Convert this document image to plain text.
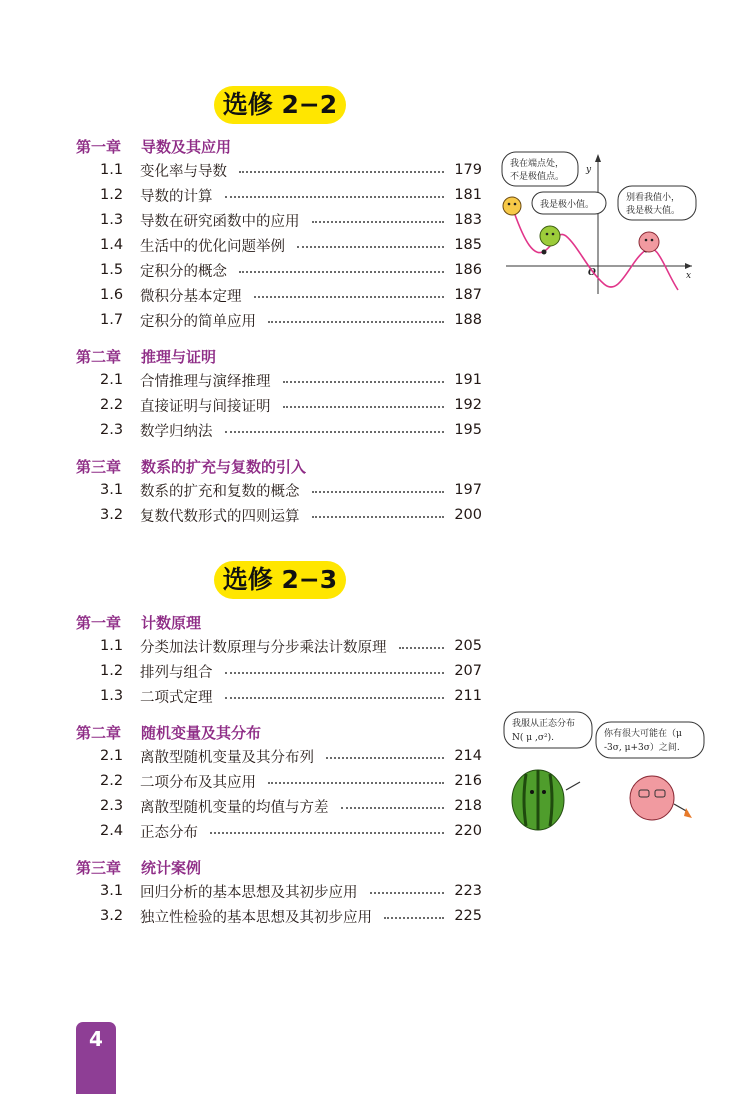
选修 2−2
第一章 导数及其应用
1.1	变化率与导数	179
1.2	导数的计算	181
1.3	导数在研究函数中的应用	183
1.4	生活中的优化问题举例	185
1.5	定积分的概念	186
1.6	微积分基本定理	187
1.7	定积分的简单应用	188
第二章 推理与证明
2.1	合情推理与演绎推理	191
2.2	直接证明与间接证明	192
2.3	数学归纳法	195
第三章 数系的扩充与复数的引入
3.1	数系的扩充和复数的概念	197
3.2	复数代数形式的四则运算	200
选修 2−3
第一章 计数原理
1.1	分类加法计数原理与分步乘法计数原理	205
1.2	排列与组合	207
1.3	二项式定理	211
第二章 随机变量及其分布
2.1	离散型随机变量及其分布列	214
2.2	二项分布及其应用	216
2.3	离散型随机变量的均值与方差	218
2.4	正态分布	220
第三章 统计案例
3.1	回归分析的基本思想及其初步应用	223
3.2	独立性检验的基本思想及其初步应用	225
x
y
O
我在端点处，
不是极值点。
我是极小值。
别看我值小，
我是极大值。
我服从正态分布
N( μ ,σ²).	你有很大可能在（μ
-3σ, μ+3σ）之间.
4
